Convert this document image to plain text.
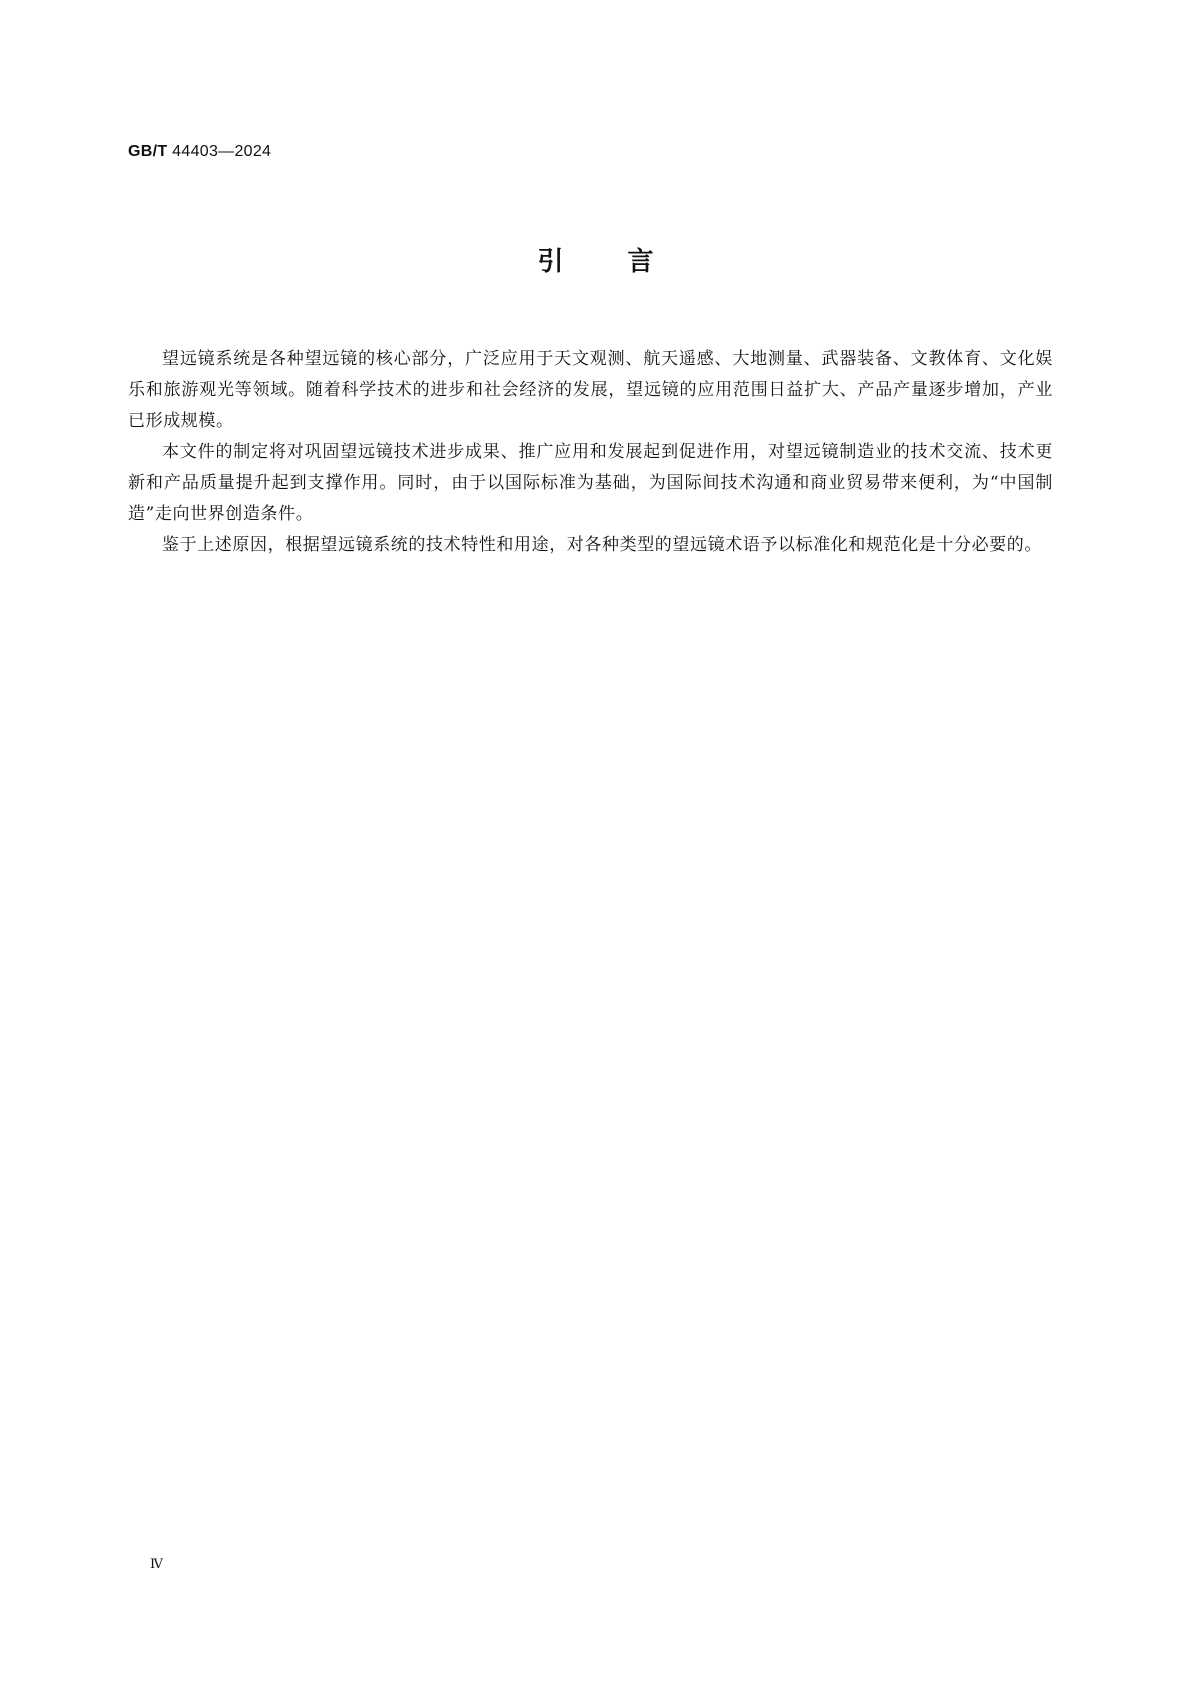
GB/T 44403—2024
引 言

望远镜系统是各种望远镜的核心部分，广泛应用于天文观测、航天遥感、大地测量、武器装备、文教体育、文化娱乐和旅游观光等领域。随着科学技术的进步和社会经济的发展，望远镜的应用范围日益扩大、产品产量逐步增加，产业已形成规模。

本文件的制定将对巩固望远镜技术进步成果、推广应用和发展起到促进作用，对望远镜制造业的技术交流、技术更新和产品质量提升起到支撑作用。同时，由于以国际标准为基础，为国际间技术沟通和商业贸易带来便利，为“中国制造”走向世界创造条件。

鉴于上述原因，根据望远镜系统的技术特性和用途，对各种类型的望远镜术语予以标准化和规范化是十分必要的。

Ⅳ
